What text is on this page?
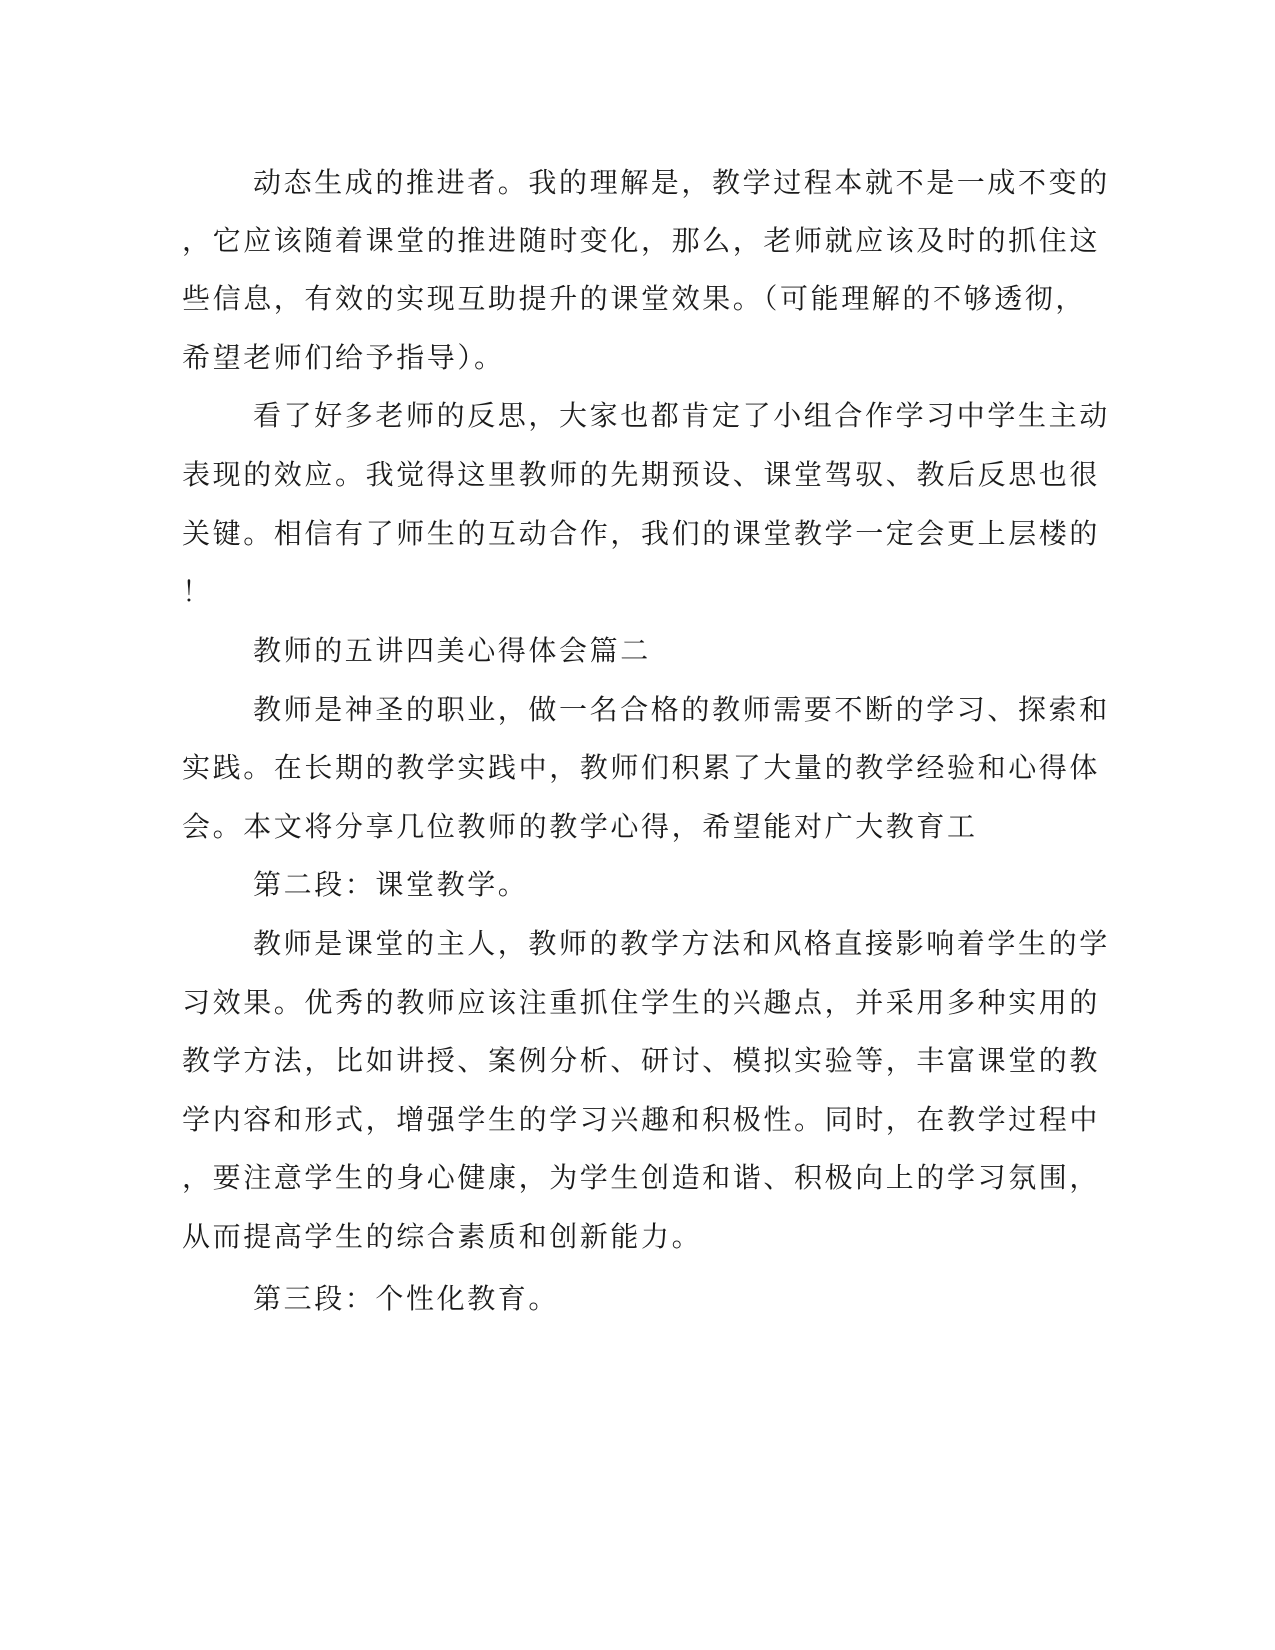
动态生成的推进者。我的理解是，教学过程本就不是一成不变的

，它应该随着课堂的推进随时变化，那么，老师就应该及时的抓住这

些信息，有效的实现互助提升的课堂效果。（可能理解的不够透彻，

希望老师们给予指导）。

看了好多老师的反思，大家也都肯定了小组合作学习中学生主动

表现的效应。我觉得这里教师的先期预设、课堂驾驭、教后反思也很

关键。相信有了师生的互动合作，我们的课堂教学一定会更上层楼的

！

教师的五讲四美心得体会篇二

教师是神圣的职业，做一名合格的教师需要不断的学习、探索和

实践。在长期的教学实践中，教师们积累了大量的教学经验和心得体

会。本文将分享几位教师的教学心得，希望能对广大教育工

第二段：课堂教学。

教师是课堂的主人，教师的教学方法和风格直接影响着学生的学

习效果。优秀的教师应该注重抓住学生的兴趣点，并采用多种实用的

教学方法，比如讲授、案例分析、研讨、模拟实验等，丰富课堂的教

学内容和形式，增强学生的学习兴趣和积极性。同时，在教学过程中

，要注意学生的身心健康，为学生创造和谐、积极向上的学习氛围，

从而提高学生的综合素质和创新能力。

第三段：个性化教育。
